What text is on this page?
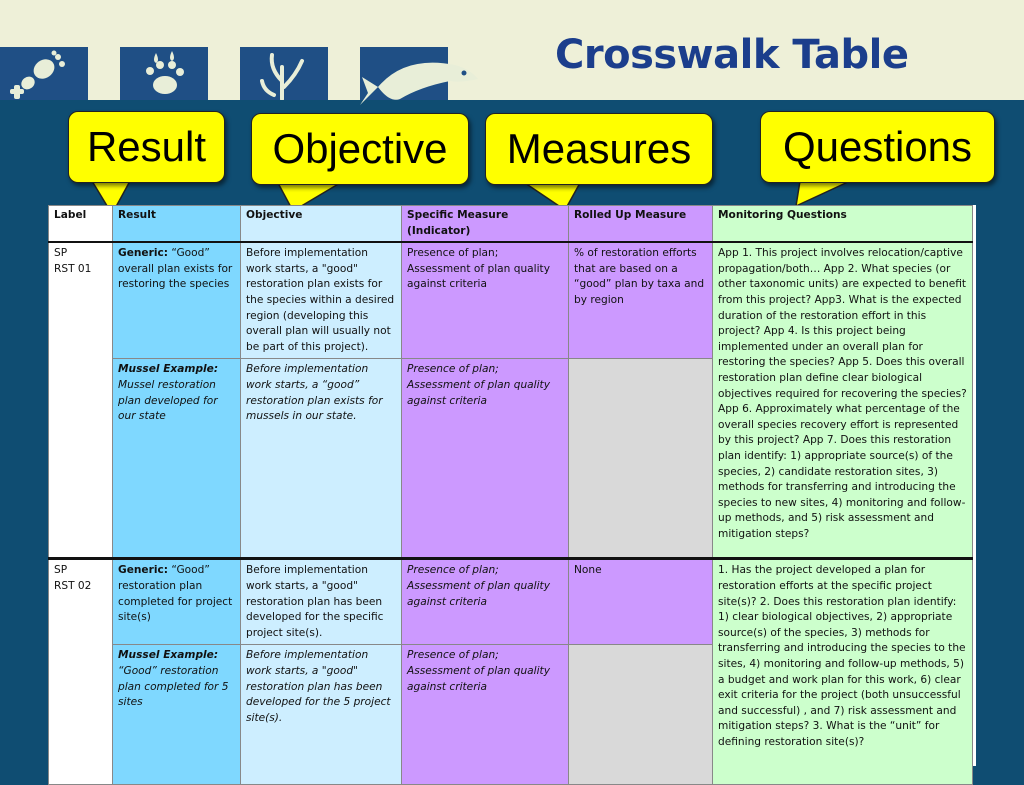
Crosswalk Table
Result Objective Measures Questions
Label	Result	Objective	Specific Measure (Indicator)	Rolled Up Measure	Monitoring Questions
SP
RST 01	Generic: “Good” overall plan exists for restoring the species	Before implementation work starts, a "good" restoration plan exists for the species within a desired region (developing this overall plan will usually not be part of this project).	Presence of plan; Assessment of plan quality against criteria	% of restoration efforts that are based on a “good” plan by taxa and by region	App 1. This project involves relocation/captive propagation/both… App 2. What species (or other taxonomic units) are expected to benefit from this project? App3. What is the expected duration of the restoration effort in this project? App 4. Is this project being implemented under an overall plan for restoring the species? App 5. Does this overall restoration plan define clear biological objectives required for recovering the species? App 6. Approximately what percentage of the overall species recovery effort is represented by this project? App 7. Does this restoration plan identify: 1) appropriate source(s) of the species, 2) candidate restoration sites, 3) methods for transferring and introducing the species to new sites, 4) monitoring and follow-up methods, and 5) risk assessment and mitigation steps?
	Mussel Example: Mussel restoration plan developed for our state	Before implementation work starts, a “good” restoration plan exists for mussels in our state.	Presence of plan; Assessment of plan quality against criteria		
SP
RST 02	Generic: “Good” restoration plan completed for project site(s)	Before implementation work starts, a "good" restoration plan has been developed for the specific project site(s).	Presence of plan; Assessment of plan quality against criteria	None	1. Has the project developed a plan for restoration efforts at the specific project site(s)? 2. Does this restoration plan identify: 1) clear biological objectives, 2) appropriate source(s) of the species, 3) methods for transferring and introducing the species to the sites, 4) monitoring and follow-up methods, 5) a budget and work plan for this work, 6) clear exit criteria for the project (both unsuccessful and successful) , and 7) risk assessment and mitigation steps? 3. What is the “unit” for defining restoration site(s)?
	Mussel Example: “Good” restoration plan completed for 5 sites	Before implementation work starts, a "good" restoration plan has been developed for the 5 project site(s).	Presence of plan; Assessment of plan quality against criteria		
